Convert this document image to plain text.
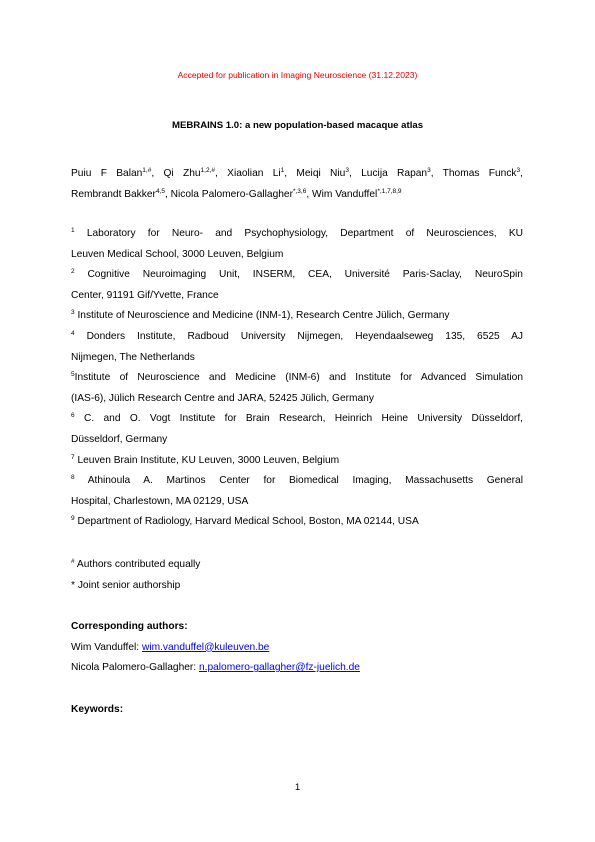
Accepted for publication in Imaging Neuroscience (31.12.2023)
MEBRAINS 1.0: a new population-based macaque atlas
Puiu F Balan$^{1,\#}$, Qi Zhu$^{1,2,\#}$, Xiaolian Li$^1$, Meiqi Niu$^3$, Lucija Rapan$^3$, Thomas Funck$^3$,
Rembrandt Bakker$^{4,5}$, Nicola Palomero-Gallagher$^{*,3,6}$, Wim Vanduffel$^{*,1,7,8,9}$
$^1$ Laboratory for Neuro- and Psychophysiology, Department of Neurosciences, KU
Leuven Medical School, 3000 Leuven, Belgium
$^2$ Cognitive Neuroimaging Unit, INSERM, CEA, Université Paris-Saclay, NeuroSpin
Center, 91191 Gif/Yvette, France
$^3$ Institute of Neuroscience and Medicine (INM-1), Research Centre Jülich, Germany
$^4$ Donders Institute, Radboud University Nijmegen, Heyendaalseweg 135, 6525 AJ
Nijmegen, The Netherlands
$^5$Institute of Neuroscience and Medicine (INM-6) and Institute for Advanced Simulation
(IAS-6), Jülich Research Centre and JARA, 52425 Jülich, Germany
$^6$ C. and O. Vogt Institute for Brain Research, Heinrich Heine University Düsseldorf,
Düsseldorf, Germany
$^7$ Leuven Brain Institute, KU Leuven, 3000 Leuven, Belgium
$^8$ Athinoula A. Martinos Center for Biomedical Imaging, Massachusetts General
Hospital, Charlestown, MA 02129, USA
$^9$ Department of Radiology, Harvard Medical School, Boston, MA 02144, USA
# Authors contributed equally
* Joint senior authorship
Corresponding authors:
Wim Vanduffel: wim.vanduffel@kuleuven.be
Nicola Palomero-Gallagher: n.palomero-gallagher@fz-juelich.de
Keywords:
1
